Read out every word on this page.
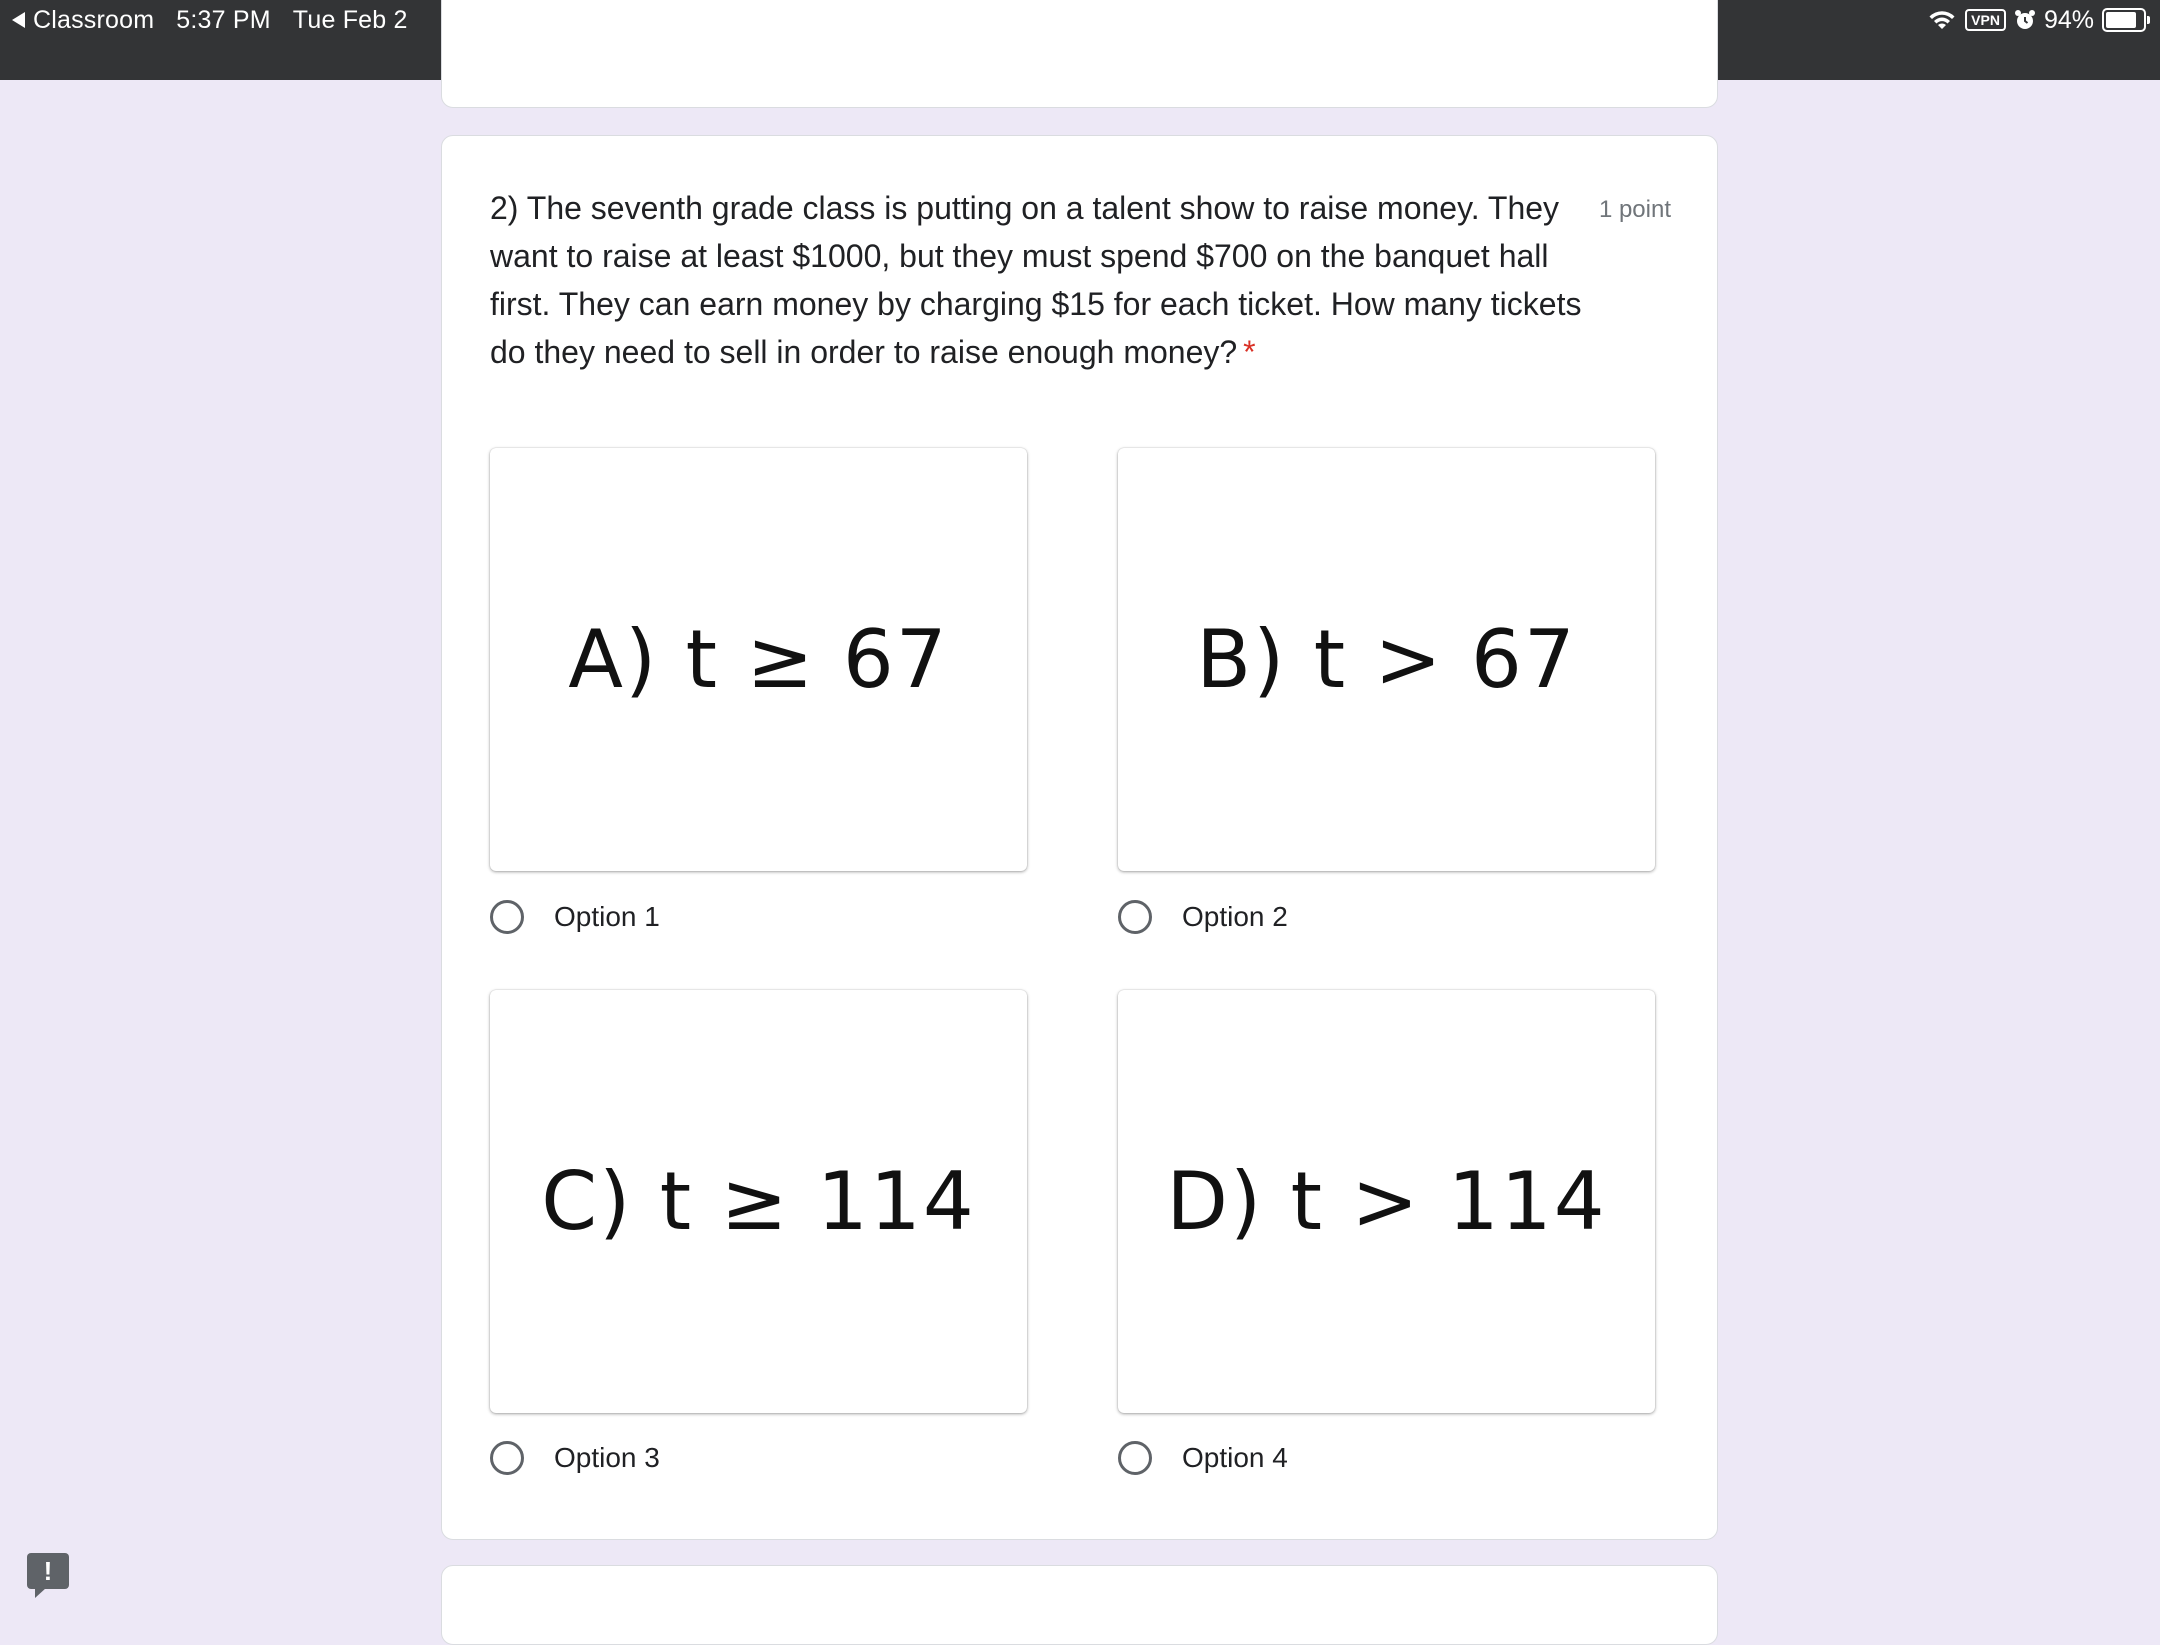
Classroom 5:37 PM Tue Feb 2	VPN 94%
2) The seventh grade class is putting on a talent show to raise money. They want to raise at least $1000, but they must spend $700 on the banquet hall first. They can earn money by charging $15 for each ticket. How many tickets do they need to sell in order to raise enough money? *
1 point
A) t ≥ 67	B) t > 67
C) t ≥ 114 D) t > 114
Option 1	Option 2
Option 3	Option 4
!
